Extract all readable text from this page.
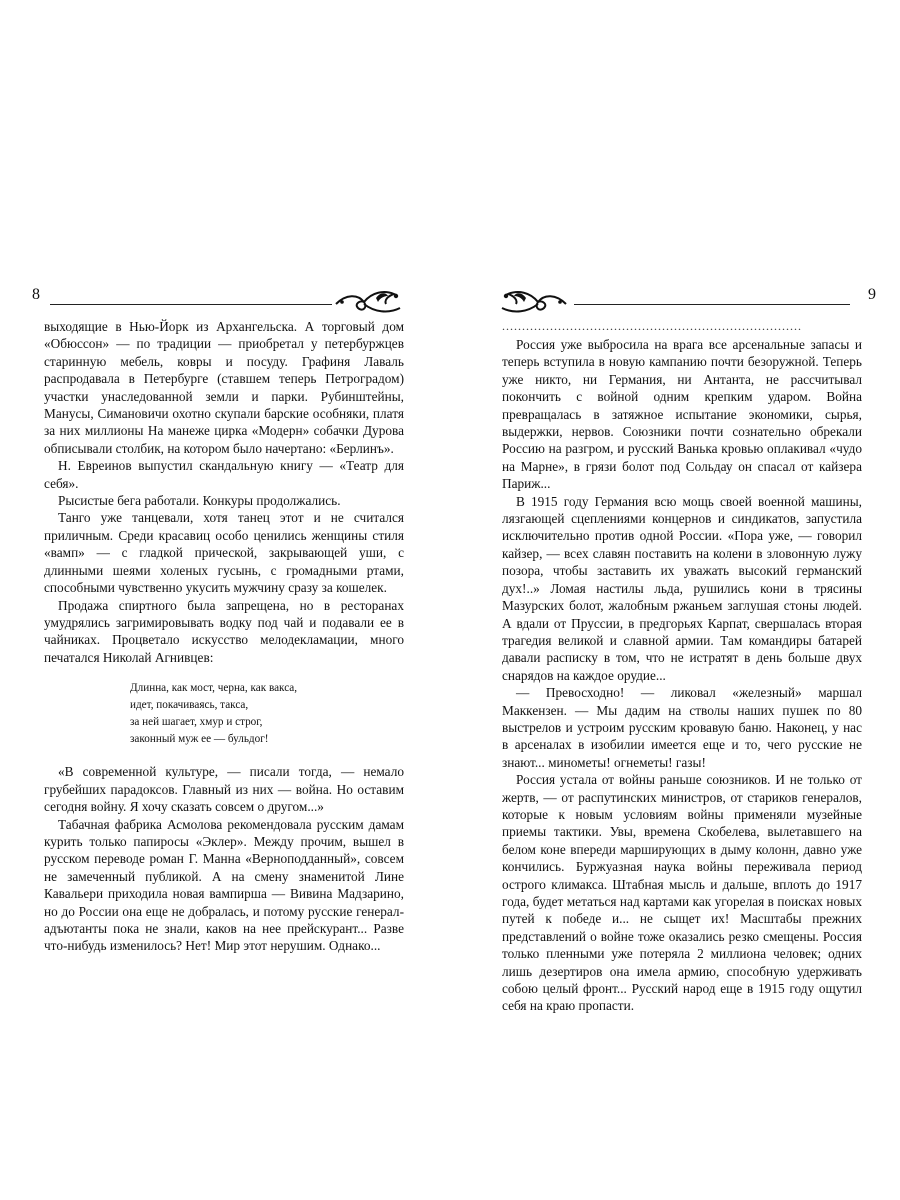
8

выходящие в Нью-Йорк из Архангельска. А торговый дом «Обюссон» — по традиции — приобретал у петербуржцев старинную мебель, ковры и посуду. Графиня Лаваль распродавала в Петербурге (ставшем теперь Петроградом) участки унаследованной земли и парки. Рубинштейны, Манусы, Симановичи охотно скупали барские особняки, платя за них миллионы На манеже цирка «Модерн» собачки Дурова обписывали столбик, на котором было начертано: «Берлинъ».

Н. Евреинов выпустил скандальную книгу — «Театр для себя».

Рысистые бега работали. Конкуры продолжались.

Танго уже танцевали, хотя танец этот и не считался приличным. Среди красавиц особо ценились женщины стиля «вамп» — с гладкой прической, закрывающей уши, с длинными шеями холеных гусынь, с громадными ртами, способными чувственно укусить мужчину сразу за кошелек.

Продажа спиртного была запрещена, но в ресторанах умудрялись загримировывать водку под чай и подавали ее в чайниках. Процветало искусство мелодекламации, много печатался Николай Агнивцев:

Длинна, как мост, черна, как вакса,
идет, покачиваясь, такса,
за ней шагает, хмур и строг,
законный муж ее — бульдог!

«В современной культуре, — писали тогда, — немало грубейших парадоксов. Главный из них — война. Но оставим сегодня войну. Я хочу сказать совсем о другом...»

Табачная фабрика Асмолова рекомендовала русским дамам курить только папиросы «Эклер». Между прочим, вышел в русском переводе роман Г. Манна «Верноподданный», совсем не замеченный публикой. А на смену знаменитой Лине Кавальери приходила новая вампирша — Вивина Мадзарино, но до России она еще не добралась, и потому русские генерал-адъютанты пока не знали, каков на нее прейскурант... Разве что-нибудь изменилось? Нет! Мир этот нерушим. Однако...

9
...........................................................................

Россия уже выбросила на врага все арсенальные запасы и теперь вступила в новую кампанию почти безоружной. Теперь уже никто, ни Германия, ни Антанта, не рассчитывал покончить с войной одним крепким ударом. Война превращалась в затяжное испытание экономики, сырья, выдержки, нервов. Союзники почти сознательно обрекали Россию на разгром, и русский Ванька кровью оплакивал «чудо на Марне», в грязи болот под Сольдау он спасал от кайзера Париж...

В 1915 году Германия всю мощь своей военной машины, лязгающей сцеплениями концернов и синдикатов, запустила исключительно против одной России. «Пора уже, — говорил кайзер, — всех славян поставить на колени в зловонную лужу позора, чтобы заставить их уважать высокий германский дух!..» Ломая настилы льда, рушились кони в трясины Мазурских болот, жалобным ржаньем заглушая стоны людей. А вдали от Пруссии, в предгорьях Карпат, свершалась вторая трагедия великой и славной армии. Там командиры батарей давали расписку в том, что не истратят в день больше двух снарядов на каждое орудие...

— Превосходно! — ликовал «железный» маршал Маккензен. — Мы дадим на стволы наших пушек по 80 выстрелов и устроим русским кровавую баню. Наконец, у нас в арсеналах в изобилии имеется еще и то, чего русские не знают... минометы! огнеметы! газы!

Россия устала от войны раньше союзников. И не только от жертв, — от распутинских министров, от стариков генералов, которые к новым условиям войны применяли музейные приемы тактики. Увы, времена Скобелева, вылетавшего на белом коне впереди марширующих в дыму колонн, давно уже кончились. Буржуазная наука войны переживала период острого климакса. Штабная мысль и дальше, вплоть до 1917 года, будет метаться над картами как угорелая в поисках новых путей к победе и... не сыщет их! Масштабы прежних представлений о войне тоже оказались резко смещены. Россия только пленными уже потеряла 2 миллиона человек; одних лишь дезертиров она имела армию, способную удерживать собою целый фронт... Русский народ еще в 1915 году ощутил себя на краю пропасти.
